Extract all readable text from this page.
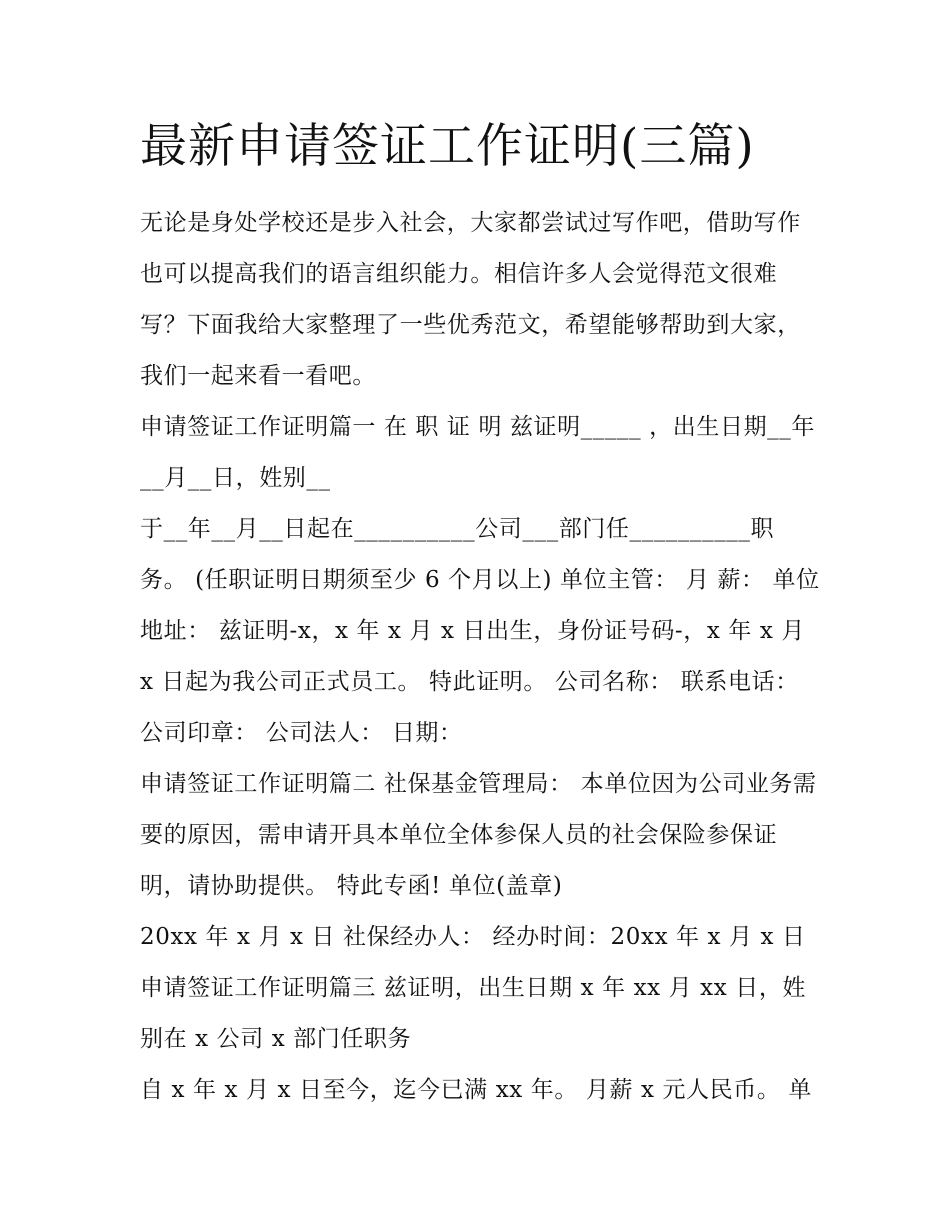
最新申请签证工作证明(三篇)

无论是身处学校还是步入社会，大家都尝试过写作吧，借助写作也可以提高我们的语言组织能力。相信许多人会觉得范文很难写？下面我给大家整理了一些优秀范文，希望能够帮助到大家，我们一起来看一看吧。

申请签证工作证明篇一 在 职 证 明 兹证明_____ ，出生日期__年__月__日，姓别__

于__年__月__日起在__________公司___部门任__________职务。 (任职证明日期须至少 6 个月以上) 单位主管： 月 薪： 单位地址： 兹证明-x，x 年 x 月 x 日出生，身份证号码-，x 年 x 月 x 日起为我公司正式员工。 特此证明。 公司名称： 联系电话： 公司印章： 公司法人： 日期：

申请签证工作证明篇二 社保基金管理局： 本单位因为公司业务需要的原因，需申请开具本单位全体参保人员的社会保险参保证明，请协助提供。 特此专函! 单位(盖章)

20xx 年 x 月 x 日 社保经办人： 经办时间：20xx 年 x 月 x 日 申请签证工作证明篇三 兹证明，出生日期 x 年 xx 月 xx 日，姓别在 x 公司 x 部门任职务

自 x 年 x 月 x 日至今，迄今已满 xx 年。 月薪 x 元人民币。 单
